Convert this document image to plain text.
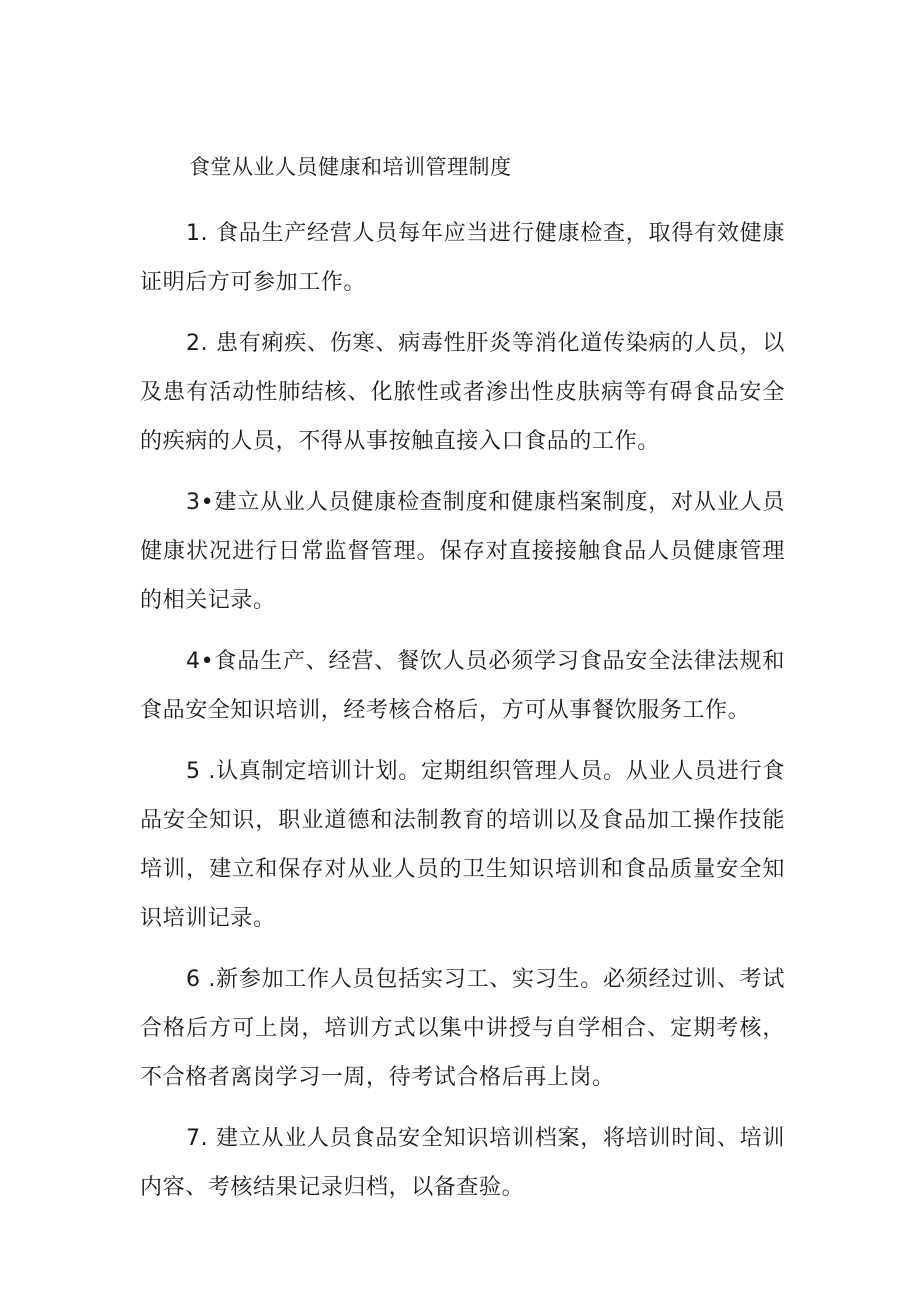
食堂从业人员健康和培训管理制度

1. 食品生产经营人员每年应当进行健康检查，取得有效健康证明后方可参加工作。

2. 患有痢疾、伤寒、病毒性肝炎等消化道传染病的人员，以及患有活动性肺结核、化脓性或者渗出性皮肤病等有碍食品安全的疾病的人员，不得从事按触直接入口食品的工作。

3•建立从业人员健康检查制度和健康档案制度，对从业人员健康状况进行日常监督管理。保存对直接接触食品人员健康管理的相关记录。

4•食品生产、经营、餐饮人员必须学习食品安全法律法规和食品安全知识培训，经考核合格后，方可从事餐饮服务工作。

5 .认真制定培训计划。定期组织管理人员。从业人员进行食品安全知识，职业道德和法制教育的培训以及食品加工操作技能培训，建立和保存对从业人员的卫生知识培训和食品质量安全知识培训记录。

6 .新参加工作人员包括实习工、实习生。必须经过训、考试合格后方可上岗，培训方式以集中讲授与自学相合、定期考核，不合格者离岗学习一周，待考试合格后再上岗。

7. 建立从业人员食品安全知识培训档案，将培训时间、培训内容、考核结果记录归档，以备查验。
